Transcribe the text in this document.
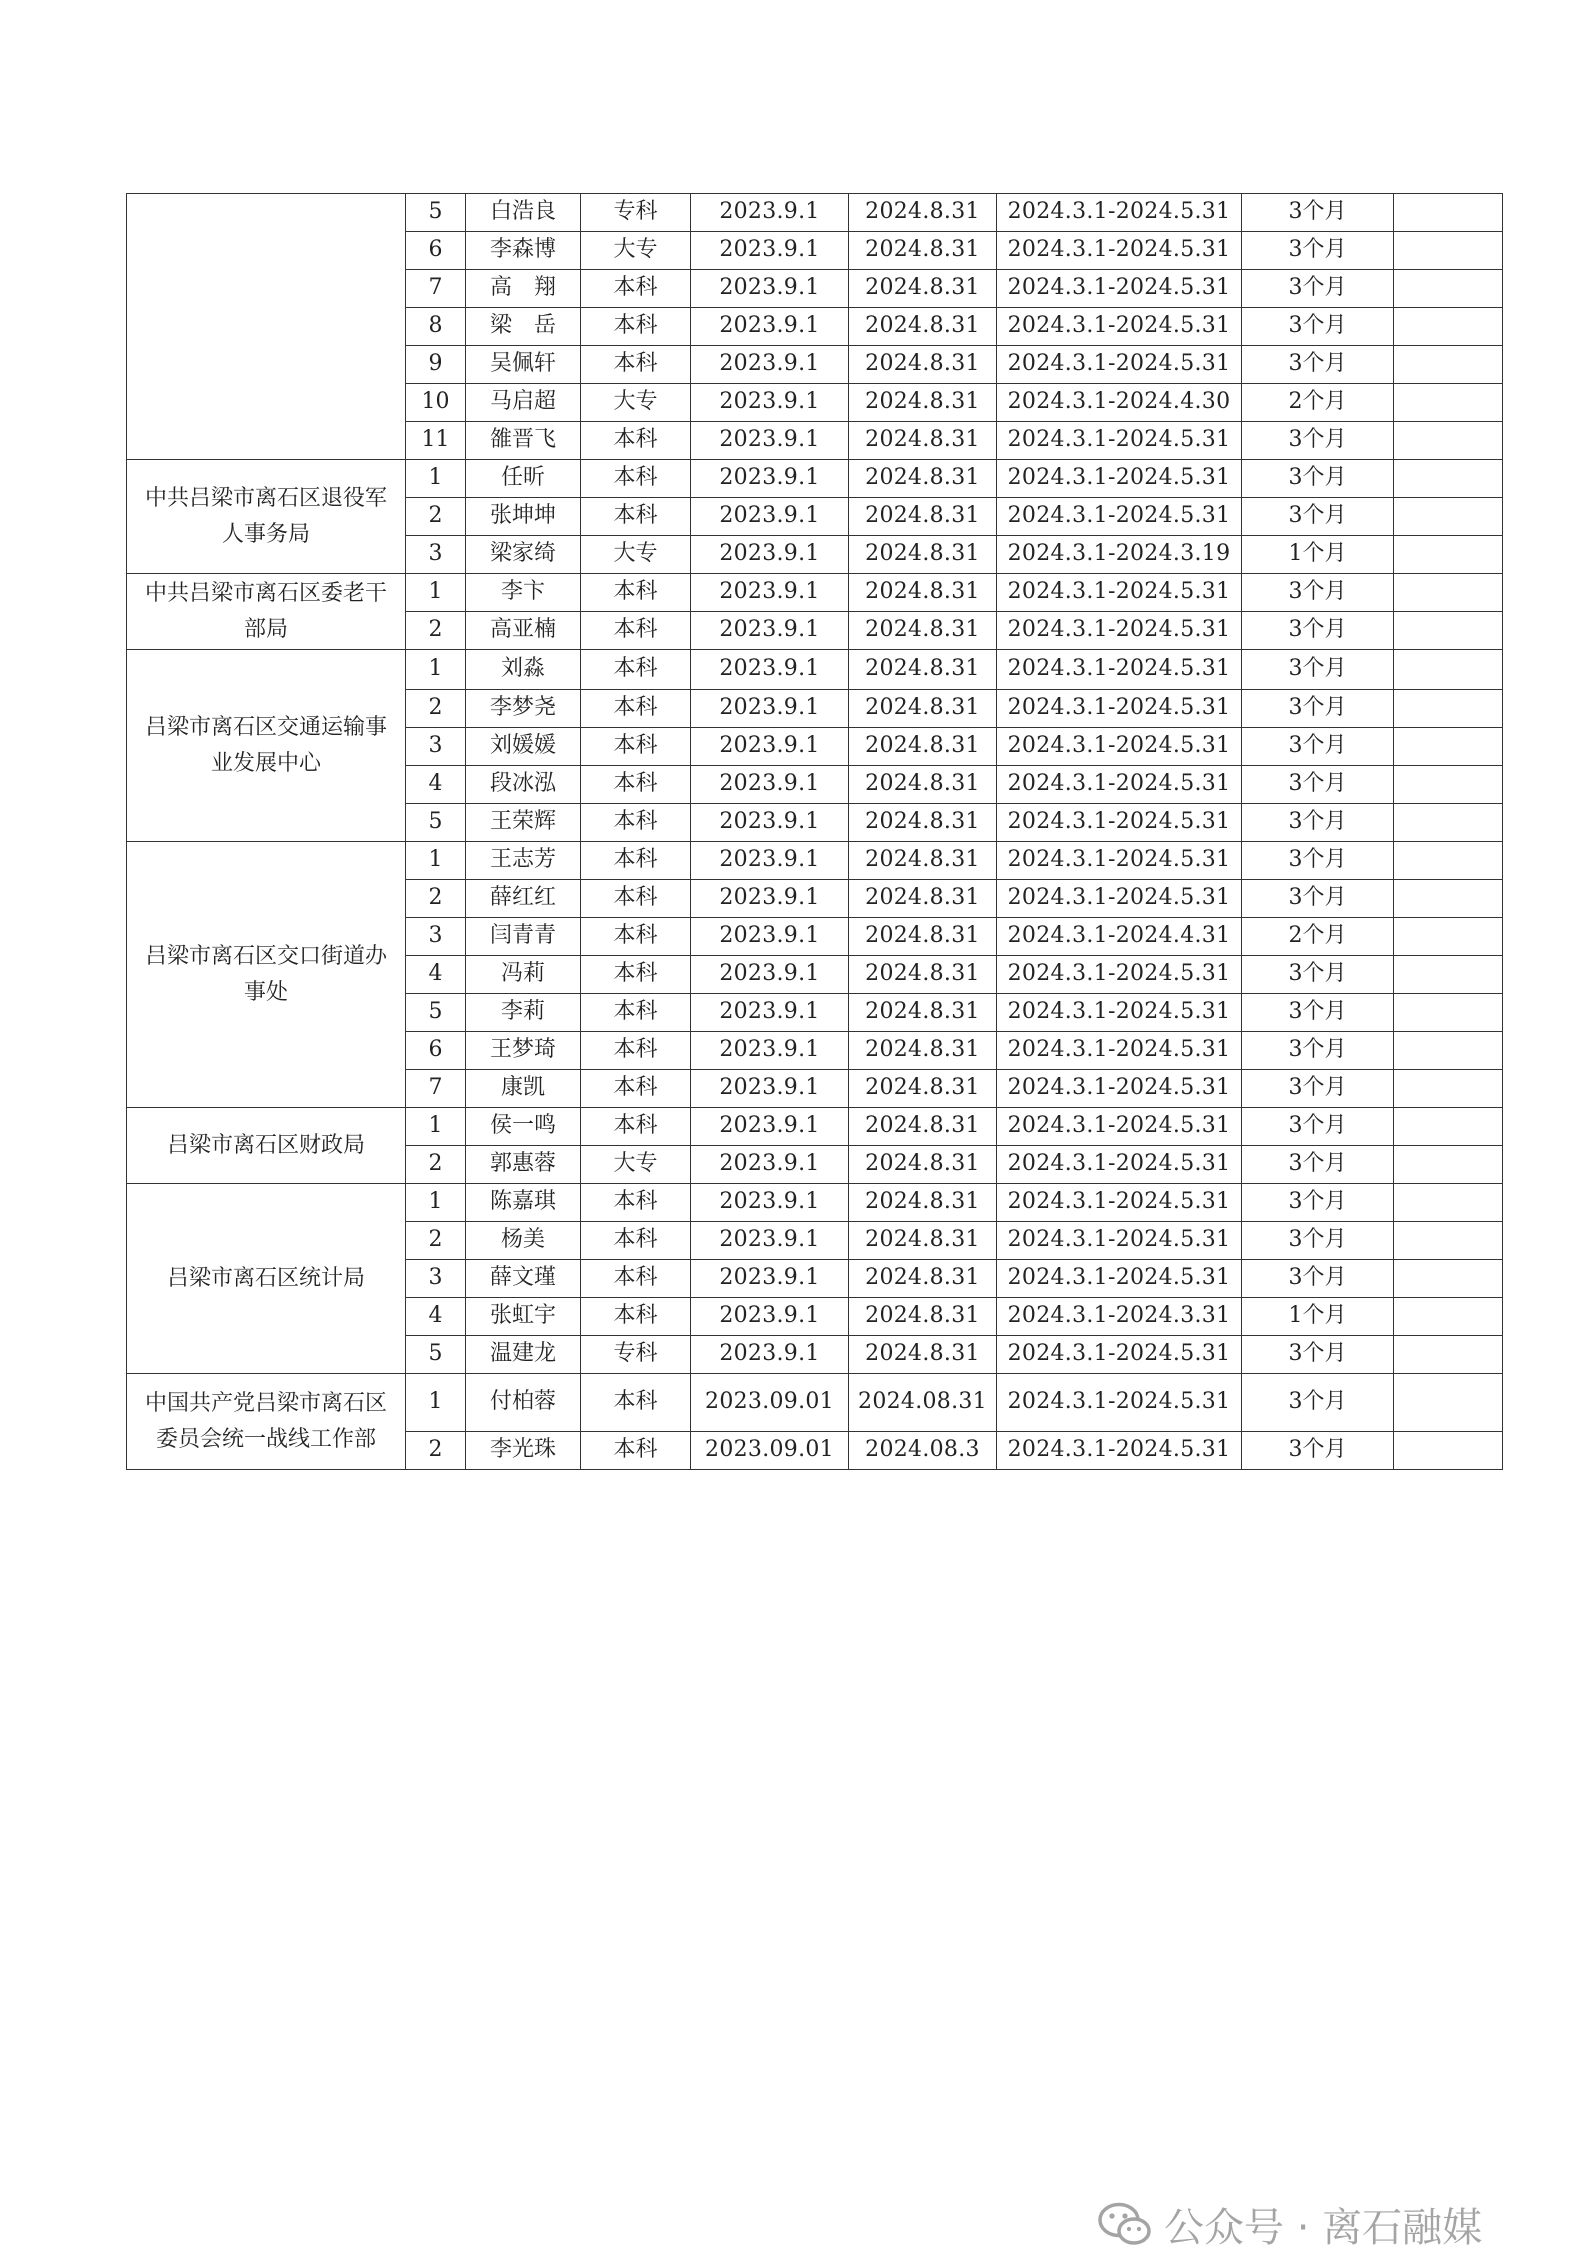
	5	白浩良	专科	2023.9.1	2024.8.31	2024.3.1-2024.5.31	3个月	
	6	李森博	大专	2023.9.1	2024.8.31	2024.3.1-2024.5.31	3个月	
	7	高　翔	本科	2023.9.1	2024.8.31	2024.3.1-2024.5.31	3个月	
	8	梁　岳	本科	2023.9.1	2024.8.31	2024.3.1-2024.5.31	3个月	
	9	吴佩轩	本科	2023.9.1	2024.8.31	2024.3.1-2024.5.31	3个月	
	10	马启超	大专	2023.9.1	2024.8.31	2024.3.1-2024.4.30	2个月	
	11	雒晋飞	本科	2023.9.1	2024.8.31	2024.3.1-2024.5.31	3个月	
中共吕梁市离石区退役军人事务局	1	任昕	本科	2023.9.1	2024.8.31	2024.3.1-2024.5.31	3个月	
	2	张坤坤	本科	2023.9.1	2024.8.31	2024.3.1-2024.5.31	3个月	
	3	梁家绮	大专	2023.9.1	2024.8.31	2024.3.1-2024.3.19	1个月	
中共吕梁市离石区委老干部局	1	李卞	本科	2023.9.1	2024.8.31	2024.3.1-2024.5.31	3个月	
	2	高亚楠	本科	2023.9.1	2024.8.31	2024.3.1-2024.5.31	3个月	
吕梁市离石区交通运输事业发展中心	1	刘淼	本科	2023.9.1	2024.8.31	2024.3.1-2024.5.31	3个月	
	2	李梦尧	本科	2023.9.1	2024.8.31	2024.3.1-2024.5.31	3个月	
	3	刘媛媛	本科	2023.9.1	2024.8.31	2024.3.1-2024.5.31	3个月	
	4	段冰泓	本科	2023.9.1	2024.8.31	2024.3.1-2024.5.31	3个月	
	5	王荣辉	本科	2023.9.1	2024.8.31	2024.3.1-2024.5.31	3个月	
吕梁市离石区交口街道办事处	1	王志芳	本科	2023.9.1	2024.8.31	2024.3.1-2024.5.31	3个月	
	2	薛红红	本科	2023.9.1	2024.8.31	2024.3.1-2024.5.31	3个月	
	3	闫青青	本科	2023.9.1	2024.8.31	2024.3.1-2024.4.31	2个月	
	4	冯莉	本科	2023.9.1	2024.8.31	2024.3.1-2024.5.31	3个月	
	5	李莉	本科	2023.9.1	2024.8.31	2024.3.1-2024.5.31	3个月	
	6	王梦琦	本科	2023.9.1	2024.8.31	2024.3.1-2024.5.31	3个月	
	7	康凯	本科	2023.9.1	2024.8.31	2024.3.1-2024.5.31	3个月	
吕梁市离石区财政局	1	侯一鸣	本科	2023.9.1	2024.8.31	2024.3.1-2024.5.31	3个月	
	2	郭惠蓉	大专	2023.9.1	2024.8.31	2024.3.1-2024.5.31	3个月	
吕梁市离石区统计局	1	陈嘉琪	本科	2023.9.1	2024.8.31	2024.3.1-2024.5.31	3个月	
	2	杨美	本科	2023.9.1	2024.8.31	2024.3.1-2024.5.31	3个月	
	3	薛文瑾	本科	2023.9.1	2024.8.31	2024.3.1-2024.5.31	3个月	
	4	张虹宇	本科	2023.9.1	2024.8.31	2024.3.1-2024.3.31	1个月	
	5	温建龙	专科	2023.9.1	2024.8.31	2024.3.1-2024.5.31	3个月	
中国共产党吕梁市离石区委员会统一战线工作部	1	付柏蓉	本科	2023.09.01	2024.08.31	2024.3.1-2024.5.31	3个月	
	2	李光珠	本科	2023.09.01	2024.08.3	2024.3.1-2024.5.31	3个月	
公众号 · 离石融媒
